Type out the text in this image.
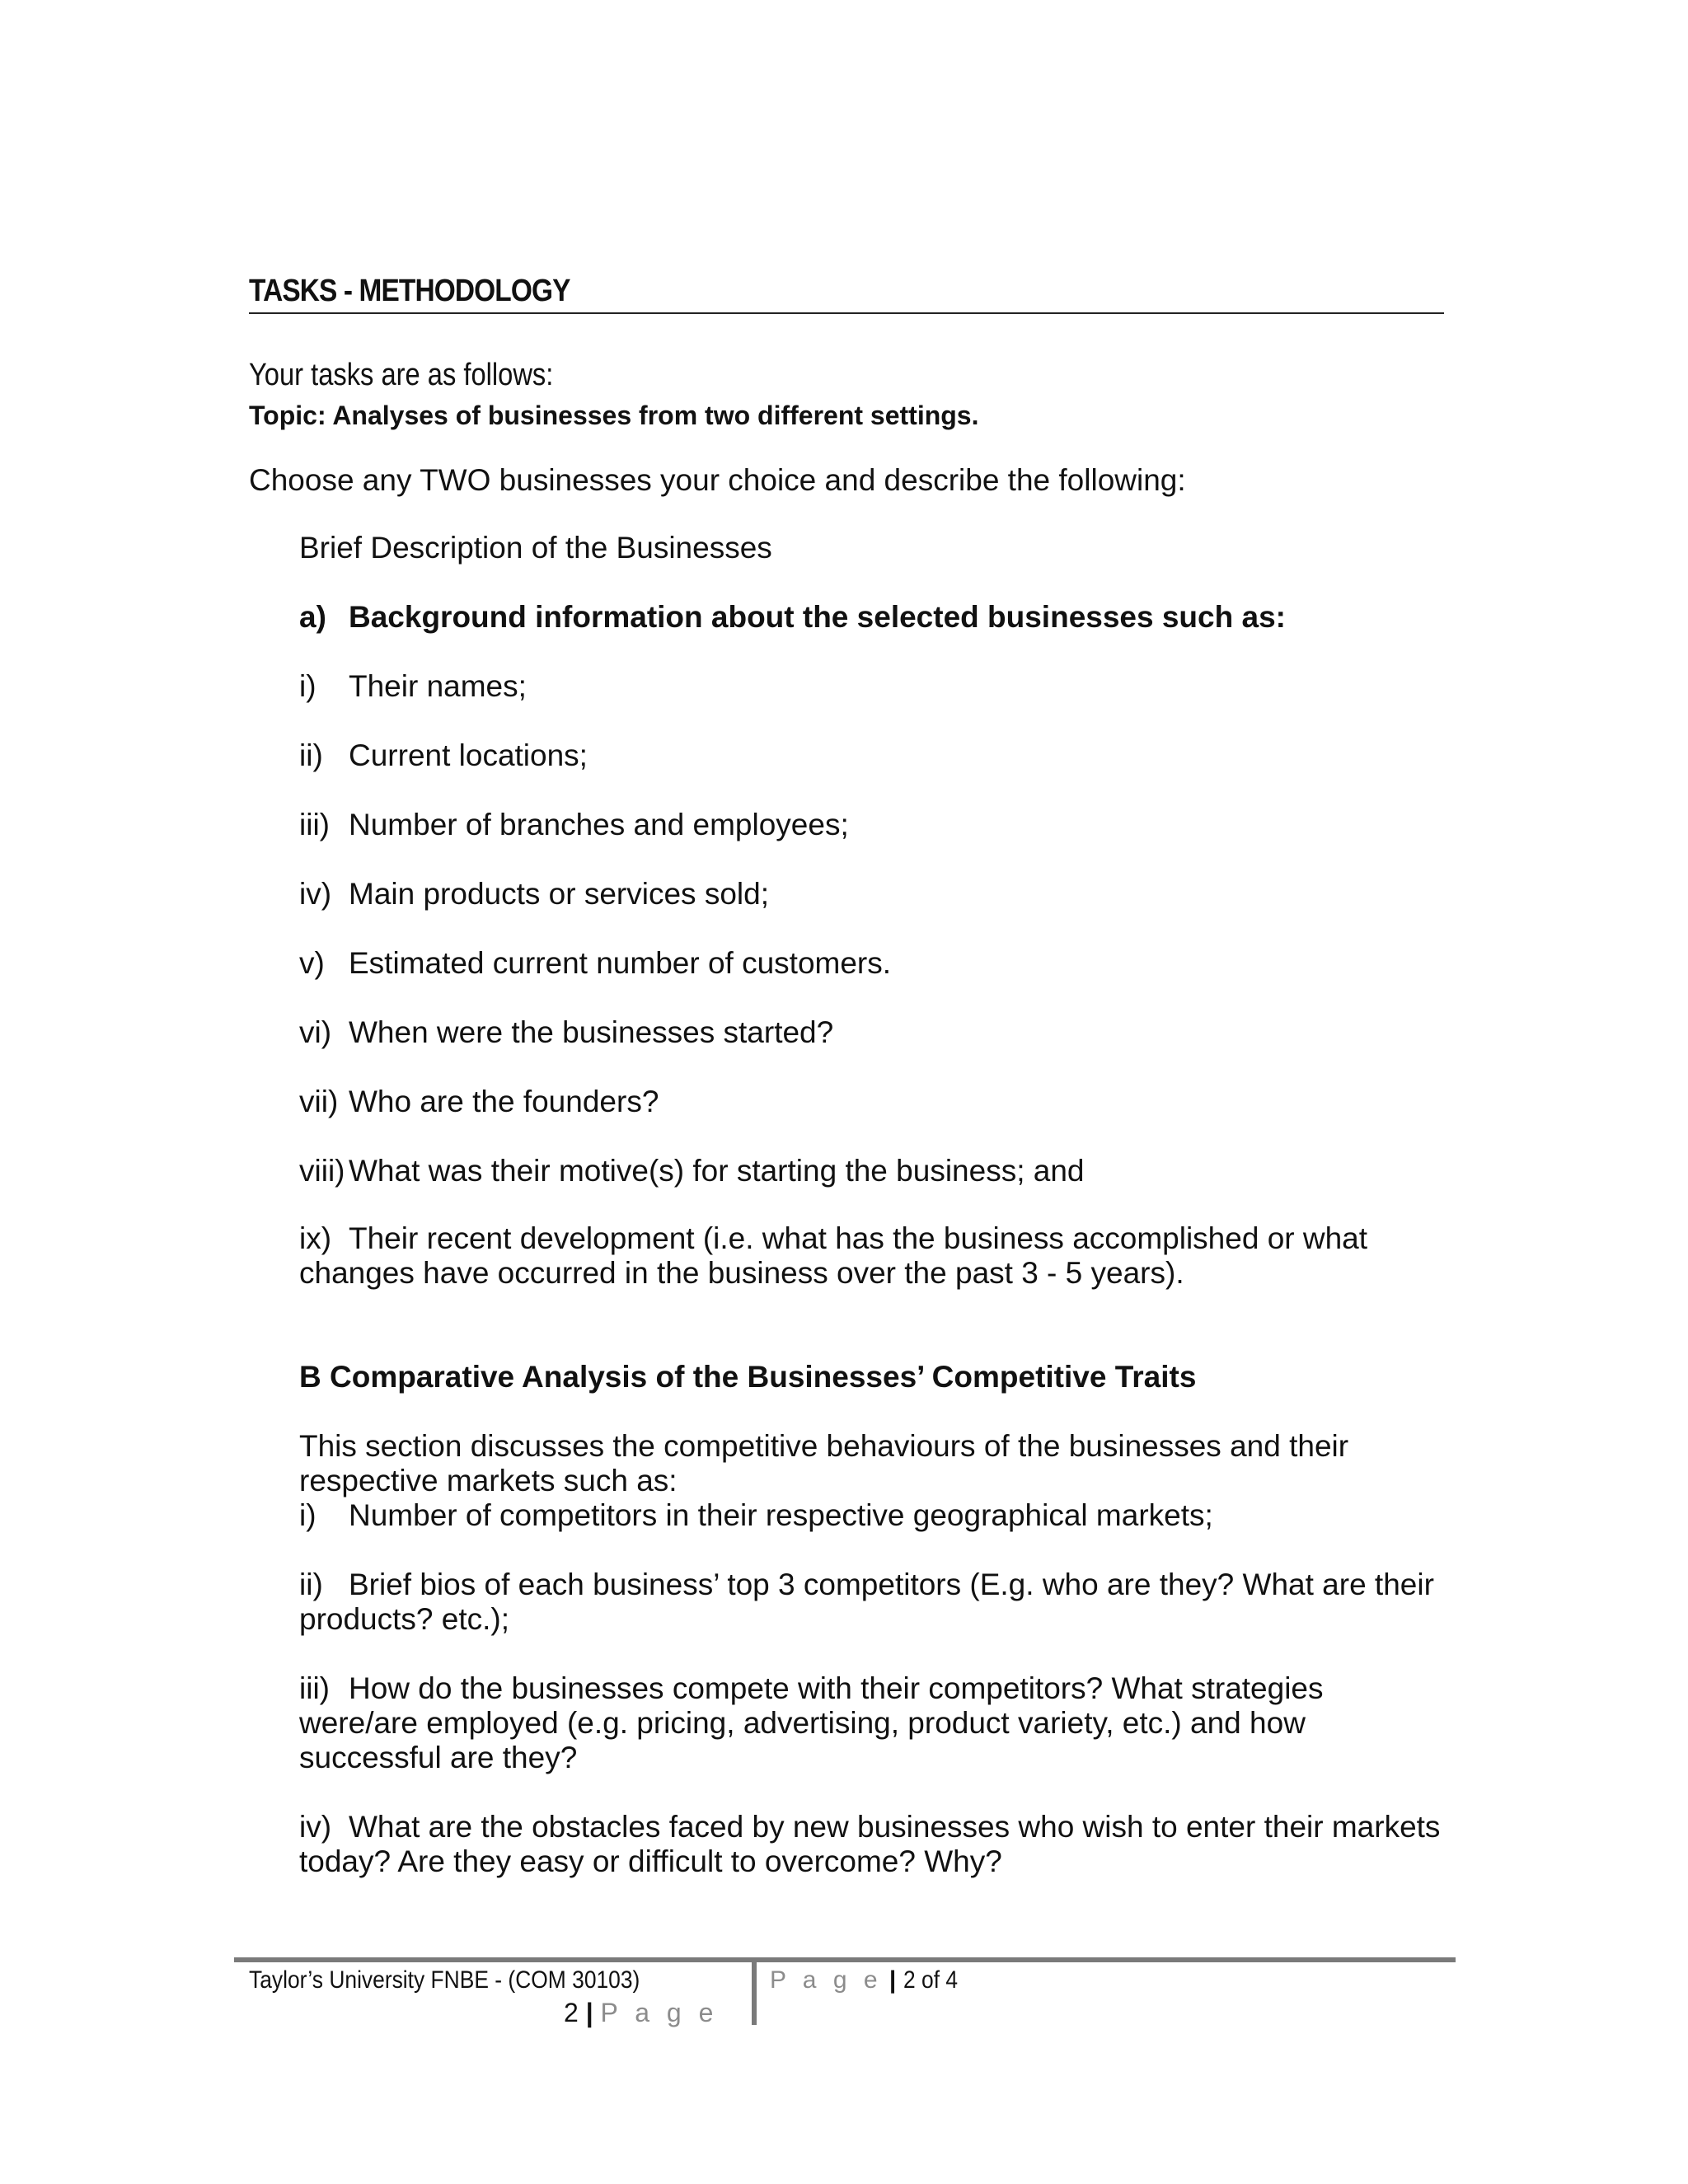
TASKS - METHODOLOGY
Your tasks are as follows:
Topic: Analyses of businesses from two different settings.
Choose any TWO businesses your choice and describe the following:
Brief Description of the Businesses
a) Background information about the selected businesses such as:
i) Their names;
ii) Current locations;
iii) Number of branches and employees;
iv) Main products or services sold;
v) Estimated current number of customers.
vi) When were the businesses started?
vii) Who are the founders?
viii) What was their motive(s) for starting the business; and
ix) Their recent development (i.e. what has the business accomplished or what
changes have occurred in the business over the past 3 - 5 years).
B Comparative Analysis of the Businesses’ Competitive Traits
This section discusses the competitive behaviours of the businesses and their
respective markets such as:
i) Number of competitors in their respective geographical markets;
ii) Brief bios of each business’ top 3 competitors (E.g. who are they? What are their
products? etc.);
iii) How do the businesses compete with their competitors? What strategies
were/are employed (e.g. pricing, advertising, product variety, etc.) and how
successful are they?
iv) What are the obstacles faced by new businesses who wish to enter their markets
today? Are they easy or difficult to overcome? Why?
Taylor’s University FNBE - (COM 30103)
2 | P a g e
P a g e | 2 of 4
